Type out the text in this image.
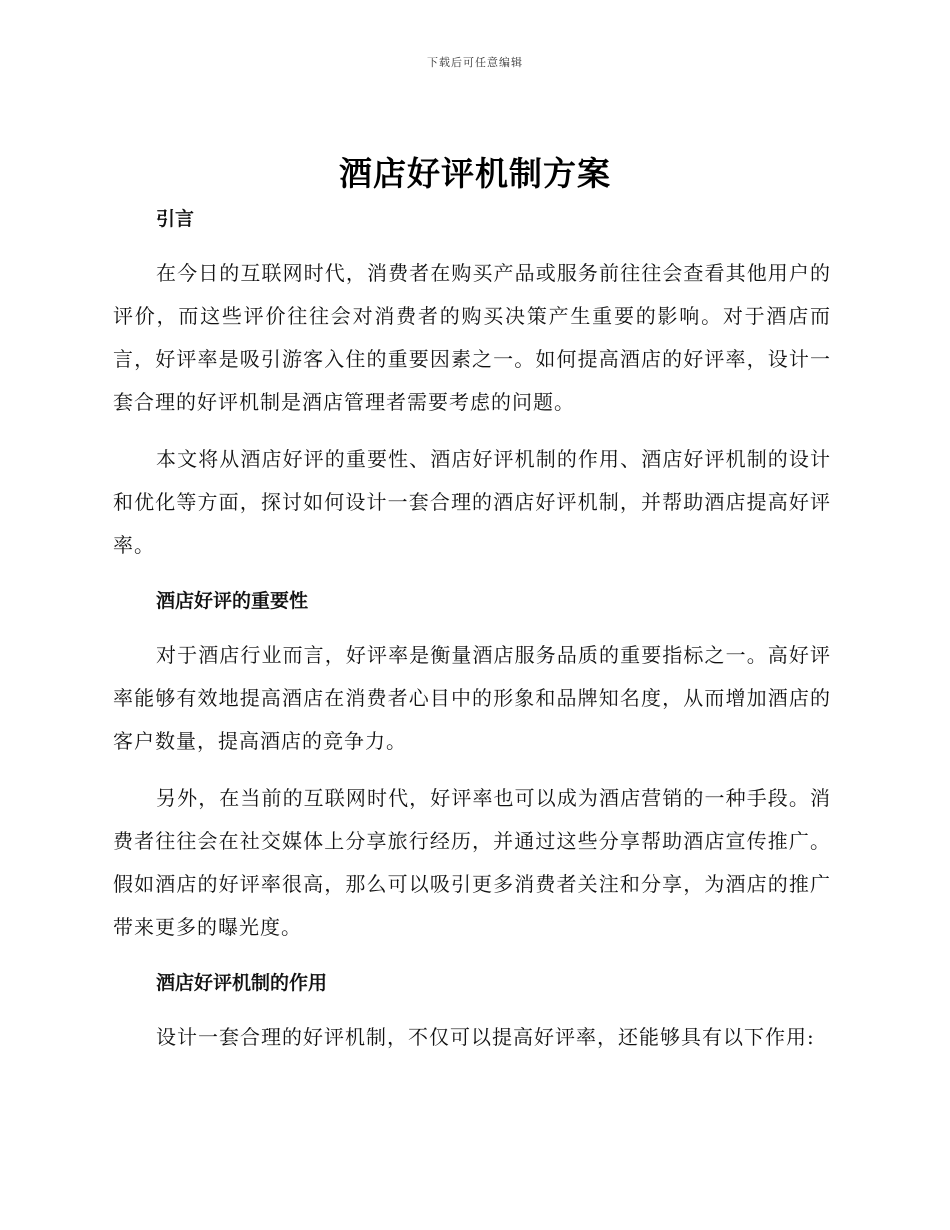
下载后可任意编辑
酒店好评机制方案
引言

在今日的互联网时代，消费者在购买产品或服务前往往会查看其他用户的评价，而这些评价往往会对消费者的购买决策产生重要的影响。对于酒店而言，好评率是吸引游客入住的重要因素之一。如何提高酒店的好评率，设计一套合理的好评机制是酒店管理者需要考虑的问题。

本文将从酒店好评的重要性、酒店好评机制的作用、酒店好评机制的设计和优化等方面，探讨如何设计一套合理的酒店好评机制，并帮助酒店提高好评率。

酒店好评的重要性

对于酒店行业而言，好评率是衡量酒店服务品质的重要指标之一。高好评率能够有效地提高酒店在消费者心目中的形象和品牌知名度，从而增加酒店的客户数量，提高酒店的竞争力。

另外，在当前的互联网时代，好评率也可以成为酒店营销的一种手段。消费者往往会在社交媒体上分享旅行经历，并通过这些分享帮助酒店宣传推广。假如酒店的好评率很高，那么可以吸引更多消费者关注和分享，为酒店的推广带来更多的曝光度。

酒店好评机制的作用

设计一套合理的好评机制，不仅可以提高好评率，还能够具有以下作用:
